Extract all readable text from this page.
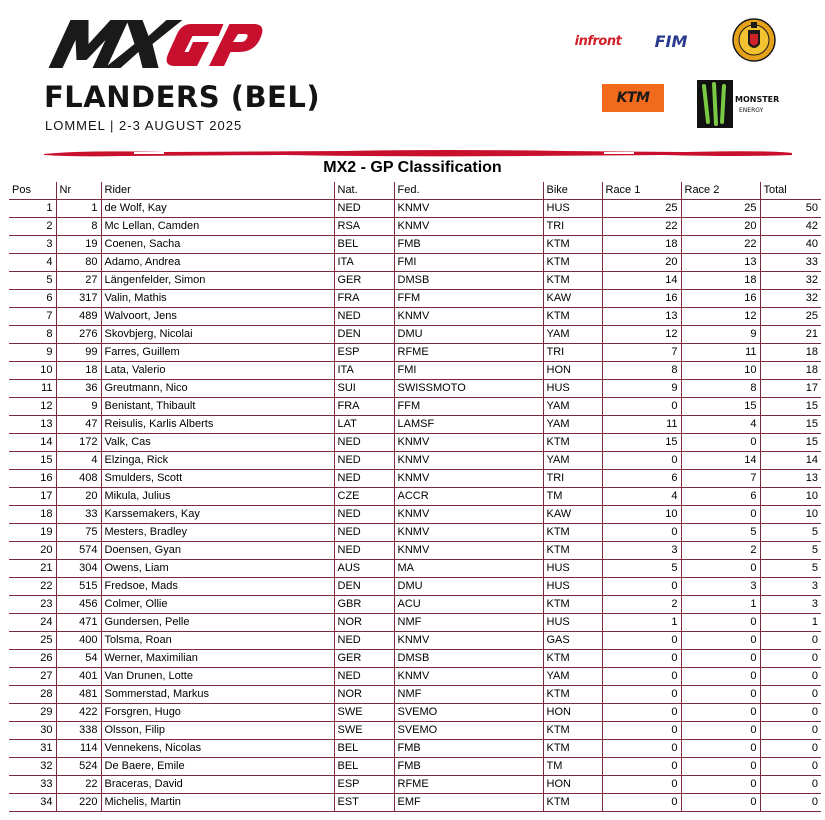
FLANDERS (BEL)
LOMMEL | 2-3 AUGUST 2025
infront FIM
KTM	MONSTER
ENERGY
MX2 - GP Classification
Pos	Nr	Rider	Nat.	Fed.	Bike	Race 1	Race 2	Total
1	1	de Wolf, Kay	NED	KNMV	HUS	25	25	50
2	8	Mc Lellan, Camden	RSA	KNMV	TRI	22	20	42
3	19	Coenen, Sacha	BEL	FMB	KTM	18	22	40
4	80	Adamo, Andrea	ITA	FMI	KTM	20	13	33
5	27	Längenfelder, Simon	GER	DMSB	KTM	14	18	32
6	317	Valin, Mathis	FRA	FFM	KAW	16	16	32
7	489	Walvoort, Jens	NED	KNMV	KTM	13	12	25
8	276	Skovbjerg, Nicolai	DEN	DMU	YAM	12	9	21
9	99	Farres, Guillem	ESP	RFME	TRI	7	11	18
10	18	Lata, Valerio	ITA	FMI	HON	8	10	18
11	36	Greutmann, Nico	SUI	SWISSMOTO	HUS	9	8	17
12	9	Benistant, Thibault	FRA	FFM	YAM	0	15	15
13	47	Reisulis, Karlis Alberts	LAT	LAMSF	YAM	11	4	15
14	172	Valk, Cas	NED	KNMV	KTM	15	0	15
15	4	Elzinga, Rick	NED	KNMV	YAM	0	14	14
16	408	Smulders, Scott	NED	KNMV	TRI	6	7	13
17	20	Mikula, Julius	CZE	ACCR	TM	4	6	10
18	33	Karssemakers, Kay	NED	KNMV	KAW	10	0	10
19	75	Mesters, Bradley	NED	KNMV	KTM	0	5	5
20	574	Doensen, Gyan	NED	KNMV	KTM	3	2	5
21	304	Owens, Liam	AUS	MA	HUS	5	0	5
22	515	Fredsoe, Mads	DEN	DMU	HUS	0	3	3
23	456	Colmer, Ollie	GBR	ACU	KTM	2	1	3
24	471	Gundersen, Pelle	NOR	NMF	HUS	1	0	1
25	400	Tolsma, Roan	NED	KNMV	GAS	0	0	0
26	54	Werner, Maximilian	GER	DMSB	KTM	0	0	0
27	401	Van Drunen, Lotte	NED	KNMV	YAM	0	0	0
28	481	Sommerstad, Markus	NOR	NMF	KTM	0	0	0
29	422	Forsgren, Hugo	SWE	SVEMO	HON	0	0	0
30	338	Olsson, Filip	SWE	SVEMO	KTM	0	0	0
31	114	Vennekens, Nicolas	BEL	FMB	KTM	0	0	0
32	524	De Baere, Emile	BEL	FMB	TM	0	0	0
33	22	Braceras, David	ESP	RFME	HON	0	0	0
34	220	Michelis, Martin	EST	EMF	KTM	0	0	0
